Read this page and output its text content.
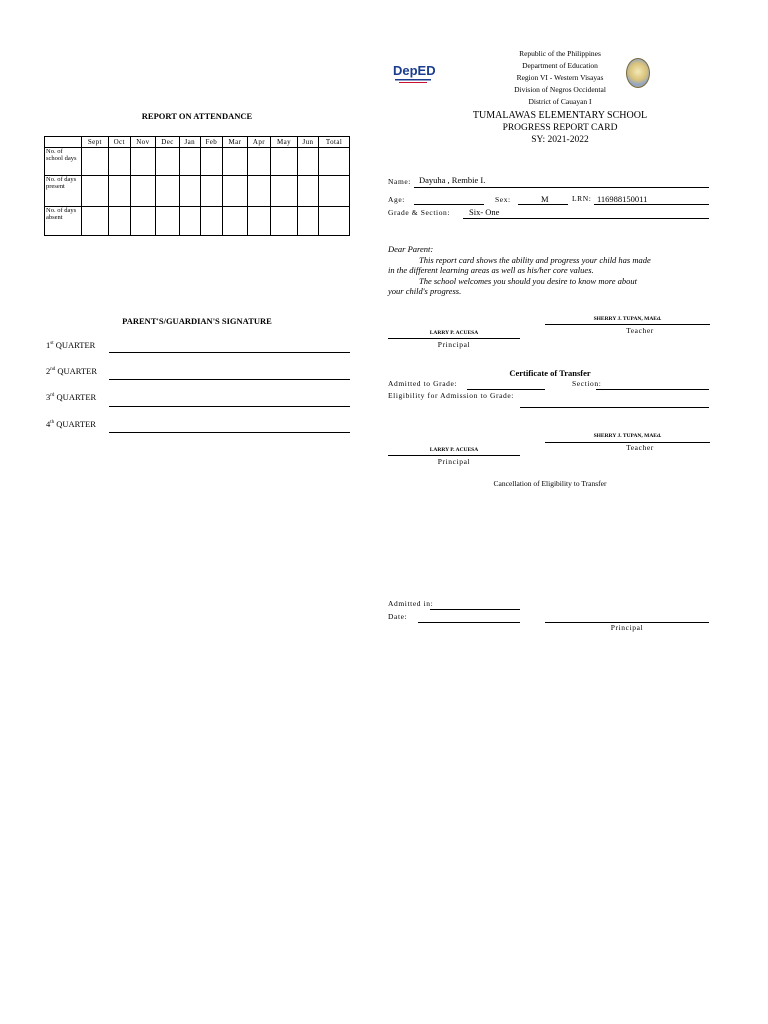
REPORT ON ATTENDANCE
	Sept	Oct	Nov	Dec	Jan	Feb	Mar	Apr	May	Jun	Total
No. of school days											
No. of days present											
No. of days absent											
PARENT'S/GUARDIAN'S SIGNATURE
1st QUARTER
2nd QUARTER
3rd QUARTER
4th QUARTER
DepED
Republic of the Philippines
Department of Education
Region VI - Western Visayas
Division of Negros Occidental
District of Cauayan I
TUMALAWAS ELEMENTARY SCHOOL
PROGRESS REPORT CARD
SY: 2021-2022
Name: Dayuha , Rembie I.
Age:	Sex:	M	LRN: 116988150011
Grade & Section: Six- One
Dear Parent:
This report card shows the ability and progress your child has made
in the different learning areas as well as his/her core values.
The school welcomes you should you desire to know more about
your child's progress.
SHERRY J. TUPAN, MAEd.
Teacher
LARRY P. ACUESA
Principal
Certificate of Transfer
Admitted to Grade:	Section:
Eligibility for Admission to Grade:
SHERRY J. TUPAN, MAEd.
Teacher
LARRY P. ACUESA
Principal
Cancellation of Eligibility to Transfer
Admitted in:
Date:
Principal
